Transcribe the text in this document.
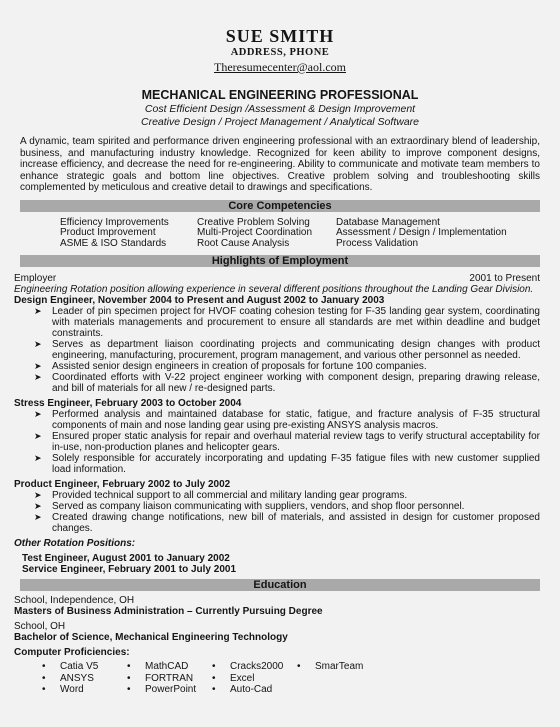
SUE SMITH
ADDRESS, PHONE
Theresumecenter@aol.com
MECHANICAL ENGINEERING PROFESSIONAL
Cost Efficient Design /Assessment & Design Improvement
Creative Design / Project Management / Analytical Software
A dynamic, team spirited and performance driven engineering professional with an extraordinary blend of leadership, business, and manufacturing industry knowledge. Recognized for keen ability to improve component designs, increase efficiency, and decrease the need for re-engineering. Ability to communicate and motivate team members to enhance strategic goals and bottom line objectives. Creative problem solving and troubleshooting skills complemented by meticulous and creative detail to drawings and specifications.
Core Competencies
Efficiency Improvements
Product Improvement
ASME & ISO Standards
Creative Problem Solving
Multi-Project Coordination
Root Cause Analysis
Database Management
Assessment / Design / Implementation
Process Validation
Highlights of Employment
Employer	2001 to Present
Engineering Rotation position allowing experience in several different positions throughout the Landing Gear Division.
Design Engineer, November 2004 to Present and August 2002 to January 2003
➤ Leader of pin specimen project for HVOF coating cohesion testing for F-35 landing gear system, coordinating with materials managements and procurement to ensure all standards are met within deadline and budget constraints.
➤ Serves as department liaison coordinating projects and communicating design changes with product engineering, manufacturing, procurement, program management, and various other personnel as needed.
➤ Assisted senior design engineers in creation of proposals for fortune 100 companies.
➤ Coordinated efforts with V-22 project engineer working with component design, preparing drawing release, and bill of materials for all new / re-designed parts.
Stress Engineer, February 2003 to October 2004
➤ Performed analysis and maintained database for static, fatigue, and fracture analysis of F-35 structural components of main and nose landing gear using pre-existing ANSYS analysis macros.
➤ Ensured proper static analysis for repair and overhaul material review tags to verify structural acceptability for in-use, non-production planes and helicopter gears.
➤ Solely responsible for accurately incorporating and updating F-35 fatigue files with new customer supplied load information.
Product Engineer, February 2002 to July 2002
➤ Provided technical support to all commercial and military landing gear programs.
➤ Served as company liaison communicating with suppliers, vendors, and shop floor personnel.
➤ Created drawing change notifications, new bill of materials, and assisted in design for customer proposed changes.
Other Rotation Positions:
Test Engineer, August 2001 to January 2002
Service Engineer, February 2001 to July 2001
Education
School, Independence, OH
Masters of Business Administration – Currently Pursuing Degree
School, OH
Bachelor of Science, Mechanical Engineering Technology
Computer Proficiencies:
• Catia V5
• ANSYS
• Word
• MathCAD
• FORTRAN
• PowerPoint
• Cracks2000
• Excel
• Auto-Cad
• SmarTeam
